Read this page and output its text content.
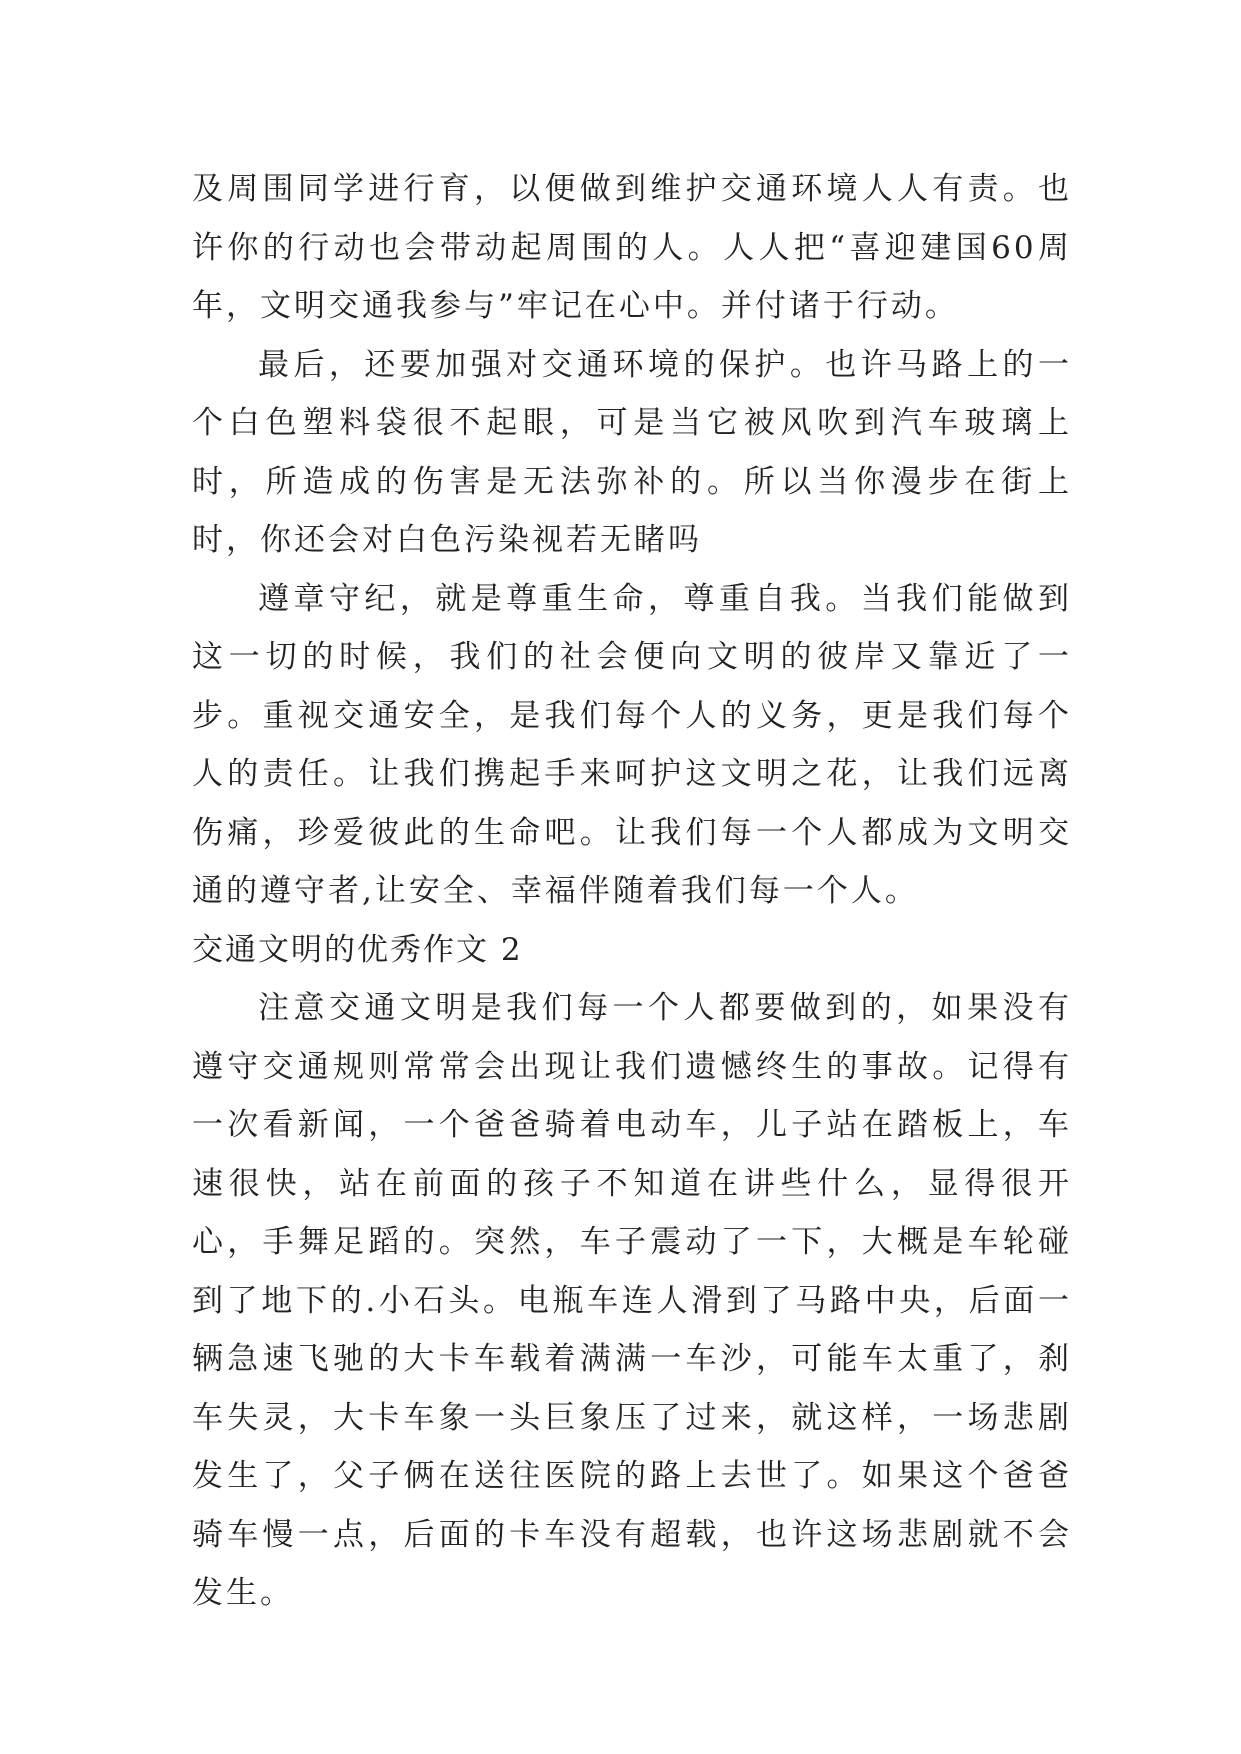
及周围同学进行育，以便做到维护交通环境人人有责。也许你的行动也会带动起周围的人。人人把“喜迎建国60周年，文明交通我参与”牢记在心中。并付诸于行动。

最后，还要加强对交通环境的保护。也许马路上的一个白色塑料袋很不起眼，可是当它被风吹到汽车玻璃上时，所造成的伤害是无法弥补的。所以当你漫步在街上时，你还会对白色污染视若无睹吗

遵章守纪，就是尊重生命，尊重自我。当我们能做到这一切的时候，我们的社会便向文明的彼岸又靠近了一步。重视交通安全，是我们每个人的义务，更是我们每个人的责任。让我们携起手来呵护这文明之花，让我们远离伤痛，珍爱彼此的生命吧。让我们每一个人都成为文明交通的遵守者,让安全、幸福伴随着我们每一个人。

交通文明的优秀作文 2

注意交通文明是我们每一个人都要做到的，如果没有遵守交通规则常常会出现让我们遗憾终生的事故。记得有一次看新闻，一个爸爸骑着电动车，儿子站在踏板上，车速很快，站在前面的孩子不知道在讲些什么，显得很开心，手舞足蹈的。突然，车子震动了一下，大概是车轮碰到了地下的.小石头。电瓶车连人滑到了马路中央，后面一辆急速飞驰的大卡车载着满满一车沙，可能车太重了，刹车失灵，大卡车象一头巨象压了过来，就这样，一场悲剧发生了，父子俩在送往医院的路上去世了。如果这个爸爸骑车慢一点，后面的卡车没有超载，也许这场悲剧就不会发生。
